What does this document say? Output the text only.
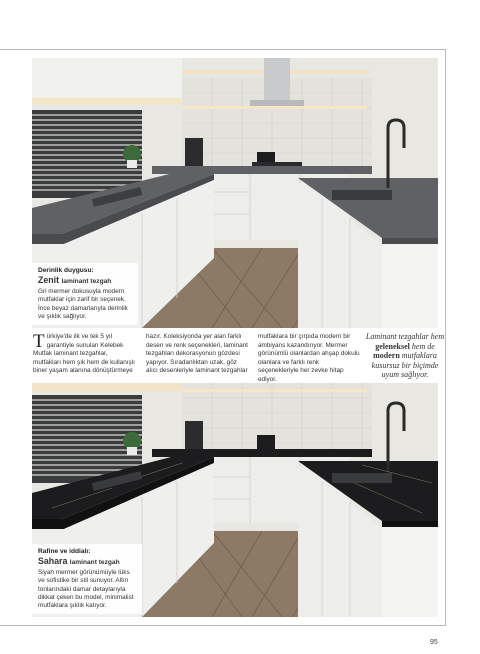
Derinlik duygusu:
Zenit laminant tezgah
Gri mermer dokusuyla modern mutfaklar için zarif bir seçenek. İnce beyaz damarlarıyla derinlik ve şıklık sağlıyor.
Türkiye'de ilk ve tek 5 yıl garantiyle sunulan Kelebek Mutfak laminant tezgahlar, mutfakları hem şık hem de kullanışlı biner yaşam alanına dönüştürmeye
hazır. Koleksiyonda yer alan farklı desen ve renk seçenekleri, laminant tezgahları dekorasyonun gözdesi yapıyor. Sıradanlıktan uzak, göz alıcı desenleriyle laminant tezgahlar
mutfaklara bir çırpıda modern bir ambiyans kazandırıyor. Mermer görünümlü olanlardan ahşap dokulu olanlara ve farklı renk seçenekleriyle her zevke hitap ediyor.
Laminant tezgahlar hem geleneksel hem de modern mutfaklara kusursuz bir biçimde uyum sağlıyor.
Rafine ve iddialı:
Sahara laminant tezgah
Siyah mermer görünümüyle lüks ve sofistike bir stil sunuyor. Altın tonlarındaki damar detaylarıyla dikkat çeken bu model, minimalist mutfaklara şıklık katıyor.
95
